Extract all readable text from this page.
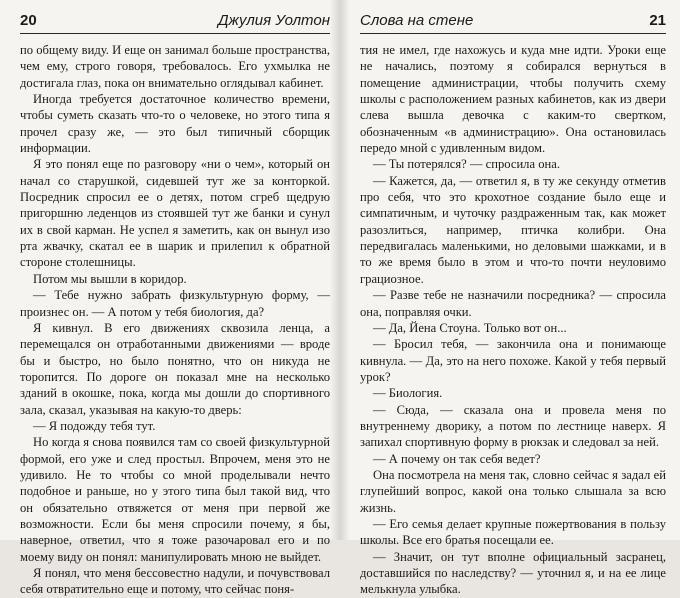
20	Джулия Уолтон

по общему виду. И еще он занимал больше пространства, чем ему, строго говоря, требовалось. Его ухмылка не достигала глаз, пока он внимательно оглядывал кабинет.

Иногда требуется достаточное количество времени, чтобы суметь сказать что-то о человеке, но этого типа я прочел сразу же, — это был типичный сборщик информации.

Я это понял еще по разговору «ни о чем», который он начал со старушкой, сидевшей тут же за конторкой. Посредник спросил ее о детях, потом сгреб щедрую пригоршню леденцов из стоявшей тут же банки и сунул их в свой карман. Не успел я заметить, как он вынул изо рта жвачку, скатал ее в шарик и прилепил к обратной стороне столешницы.

Потом мы вышли в коридор.

— Тебе нужно забрать физкультурную форму, — произнес он. — А потом у тебя биология, да?

Я кивнул. В его движениях сквозила ленца, а перемещался он отработанными движениями — вроде бы и быстро, но было понятно, что он никуда не торопится. По дороге он показал мне на несколько зданий в окошке, пока, когда мы дошли до спортивного зала, сказал, указывая на какую-то дверь:

— Я подожду тебя тут.

Но когда я снова появился там со своей физкультурной формой, его уже и след простыл. Впрочем, меня это не удивило. Не то чтобы со мной проделывали нечто подобное и раньше, но у этого типа был такой вид, что он обязательно отвяжется от меня при первой же возможности. Если бы меня спросили почему, я бы, наверное, ответил, что я тоже разочаровал его и по моему виду он понял: манипулировать мною не выйдет.

Я понял, что меня бессовестно надули, и почувствовал себя отвратительно еще и потому, что сейчас поня-

Слова на стене	21

тия не имел, где нахожусь и куда мне идти. Уроки еще не начались, поэтому я собирался вернуться в помещение администрации, чтобы получить схему школы с расположением разных кабинетов, как из двери слева вышла девочка с каким-то свертком, обозначенным «в администрацию». Она остановилась передо мной с удивленным видом.

— Ты потерялся? — спросила она.

— Кажется, да, — ответил я, в ту же секунду отметив про себя, что это крохотное создание было еще и симпатичным, и чуточку раздраженным так, как может разозлиться, например, птичка колибри. Она передвигалась маленькими, но деловыми шажками, и в то же время было в этом и что-то почти неуловимо грациозное.

— Разве тебе не назначили посредника? — спросила она, поправляя очки.

— Да, Йена Стоуна. Только вот он...

— Бросил тебя, — закончила она и понимающе кивнула. — Да, это на него похоже. Какой у тебя первый урок?

— Биология.

— Сюда, — сказала она и провела меня по внутреннему дворику, а потом по лестнице наверх. Я запихал спортивную форму в рюкзак и следовал за ней.

— А почему он так себя ведет?

Она посмотрела на меня так, словно сейчас я задал ей глупейший вопрос, какой она только слышала за всю жизнь.

— Его семья делает крупные пожертвования в пользу школы. Все его братья посещали ее.

— Значит, он тут вполне официальный засранец, доставшийся по наследству? — уточнил я, и на ее лице мелькнула улыбка.
